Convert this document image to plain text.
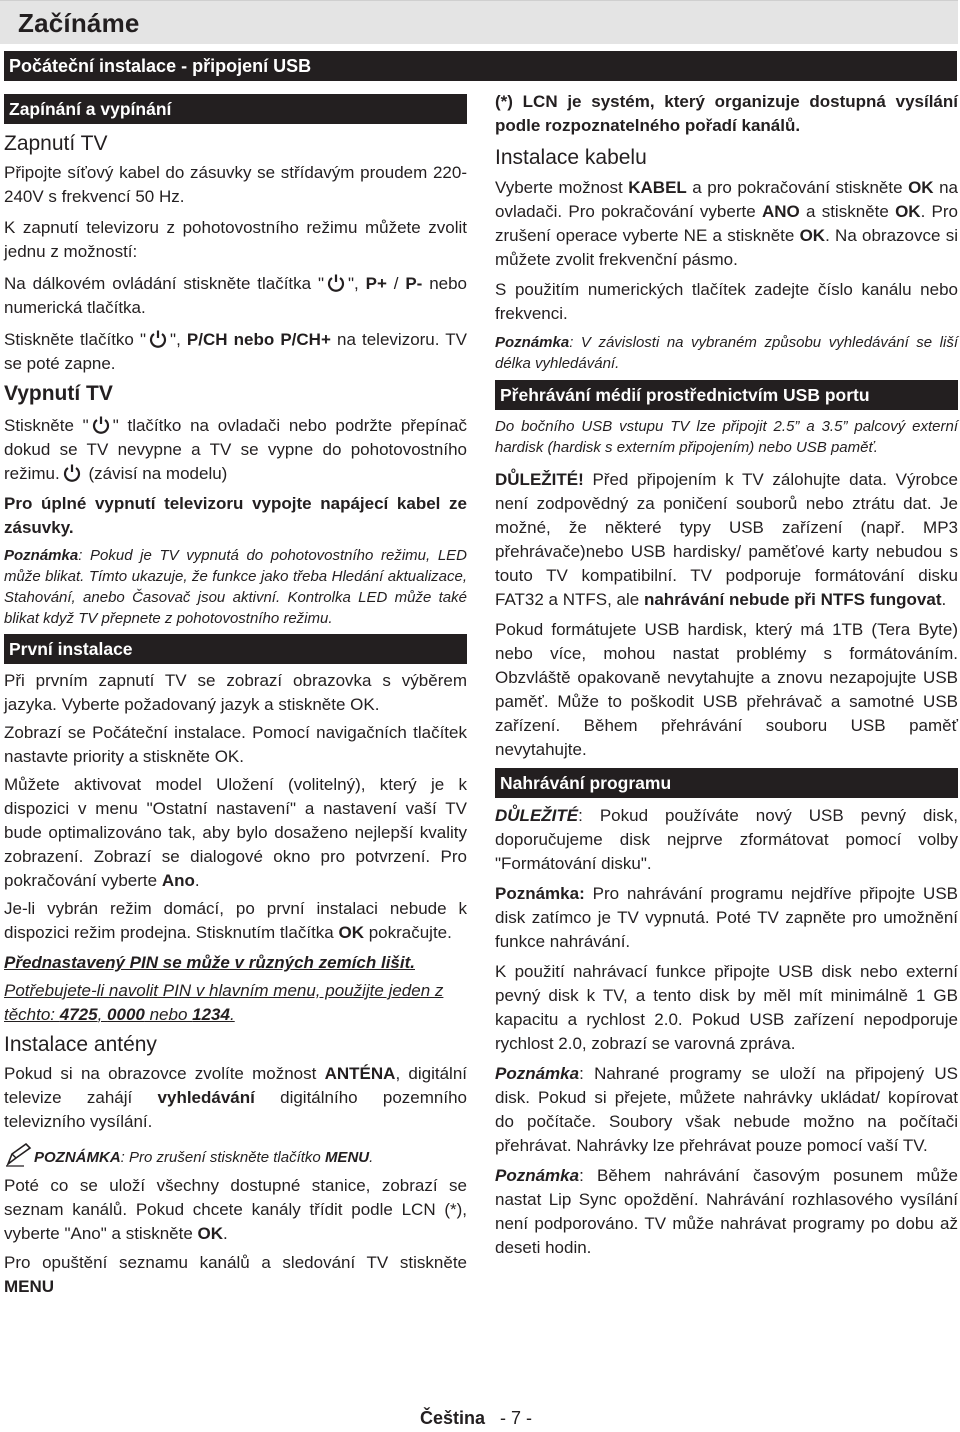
Začínáme
Počáteční instalace - připojení USB
Zapínání a vypínání
Zapnutí TV

Připojte síťový kabel do zásuvky se střídavým proudem 220-240V s frekvencí 50 Hz.

K zapnutí televizoru z pohotovostního režimu můžete zvolit jednu z možností:

Na dálkovém ovládání stiskněte tlačítka " ", P+ / P- nebo numerická tlačítka.

Stiskněte tlačítko " ", P/CH nebo P/CH+ na televizoru. TV se poté zapne.

Vypnutí TV

Stiskněte " " tlačítko na ovladači nebo podržte přepínač dokud se TV nevypne a TV se vypne do pohotovostního režimu. (závisí na modelu)

Pro úplné vypnutí televizoru vypojte napájecí kabel ze zásuvky.

Poznámka: Pokud je TV vypnutá do pohotovostního režimu, LED může blikat. Tímto ukazuje, že funkce jako třeba Hledání aktualizace, Stahování, anebo Časovač jsou aktivní. Kontrolka LED může také blikat když TV přepnete z pohotovostního režimu.

První instalace

Při prvním zapnutí TV se zobrazí obrazovka s výběrem jazyka. Vyberte požadovaný jazyk a stiskněte OK.

Zobrazí se Počáteční instalace. Pomocí navigačních tlačítek nastavte priority a stiskněte OK.

Můžete aktivovat model Uložení (volitelný), který je k dispozici v menu "Ostatní nastavení" a nastavení vaší TV bude optimalizováno tak, aby bylo dosaženo nejlepší kvality zobrazení. Zobrazí se dialogové okno pro potvrzení. Pro pokračování vyberte Ano.

Je-li vybrán režim domácí, po první instalaci nebude k dispozici režim prodejna. Stisknutím tlačítka OK pokračujte.

Přednastavený PIN se může v různých zemích lišit.

Potřebujete-li navolit PIN v hlavním menu, použijte jeden z těchto: 4725, 0000 nebo 1234.

Instalace antény

Pokud si na obrazovce zvolíte možnost ANTÉNA, digitální televize zahájí vyhledávání digitálního pozemního televizního vysílání.

POZNÁMKA: Pro zrušení stiskněte tlačítko MENU.

Poté co se uloží všechny dostupné stanice, zobrazí se seznam kanálů. Pokud chcete kanály třídit podle LCN (*), vyberte "Ano" a stiskněte OK.

Pro opuštění seznamu kanálů a sledování TV stiskněte MENU

(*) LCN je systém, který organizuje dostupná vysílání podle rozpoznatelného pořadí kanálů.

Instalace kabelu

Vyberte možnost KABEL a pro pokračování stiskněte OK na ovladači. Pro pokračování vyberte ANO a stiskněte OK. Pro zrušení operace vyberte NE a stiskněte OK. Na obrazovce si můžete zvolit frekvenční pásmo.

S použitím numerických tlačítek zadejte číslo kanálu nebo frekvenci.

Poznámka: V závislosti na vybraném způsobu vyhledávání se liší délka vyhledávání.

Přehrávání médií prostřednictvím USB portu

Do bočního USB vstupu TV lze připojit 2.5” a 3.5” palcový externí hardisk (hardisk s externím připojením) nebo USB paměť.

DŮLEŽITÉ! Před připojením k TV zálohujte data. Výrobce není zodpovědný za poničení souborů nebo ztrátu dat. Je možné, že některé typy USB zařízení (např. MP3 přehrávače)nebo USB hardisky/ paměťové karty nebudou s touto TV kompatibilní. TV podporuje formátování disku FAT32 a NTFS, ale nahrávání nebude při NTFS fungovat.

Pokud formátujete USB hardisk, který má 1TB (Tera Byte) nebo více, mohou nastat problémy s formátováním. Obzvláště opakovaně nevytahujte a znovu nezapojujte USB paměť. Může to poškodit USB přehrávač a samotné USB zařízení. Během přehrávání souboru USB paměť nevytahujte.

Nahrávání programu

DŮLEŽITÉ: Pokud používáte nový USB pevný disk, doporučujeme disk nejprve zformátovat pomocí volby "Formátování disku".

Poznámka: Pro nahrávání programu nejdříve připojte USB disk zatímco je TV vypnutá. Poté TV zapněte pro umožnění funkce nahrávání.

K použití nahrávací funkce připojte USB disk nebo externí pevný disk k TV, a tento disk by měl mít minimálně 1 GB kapacitu a rychlost 2.0. Pokud USB zařízení nepodporuje rychlost 2.0, zobrazí se varovná zpráva.

Poznámka: Nahrané programy se uloží na připojený US disk. Pokud si přejete, můžete nahrávky ukládat/ kopírovat do počítače. Soubory však nebude možno na počítači přehrávat. Nahrávky lze přehrávat pouze pomocí vaší TV.

Poznámka: Během nahrávání časovým posunem může nastat Lip Sync opoždění. Nahrávání rozhlasového vysílání není podporováno. TV může nahrávat programy po dobu až deseti hodin.

Čeština - 7 -
